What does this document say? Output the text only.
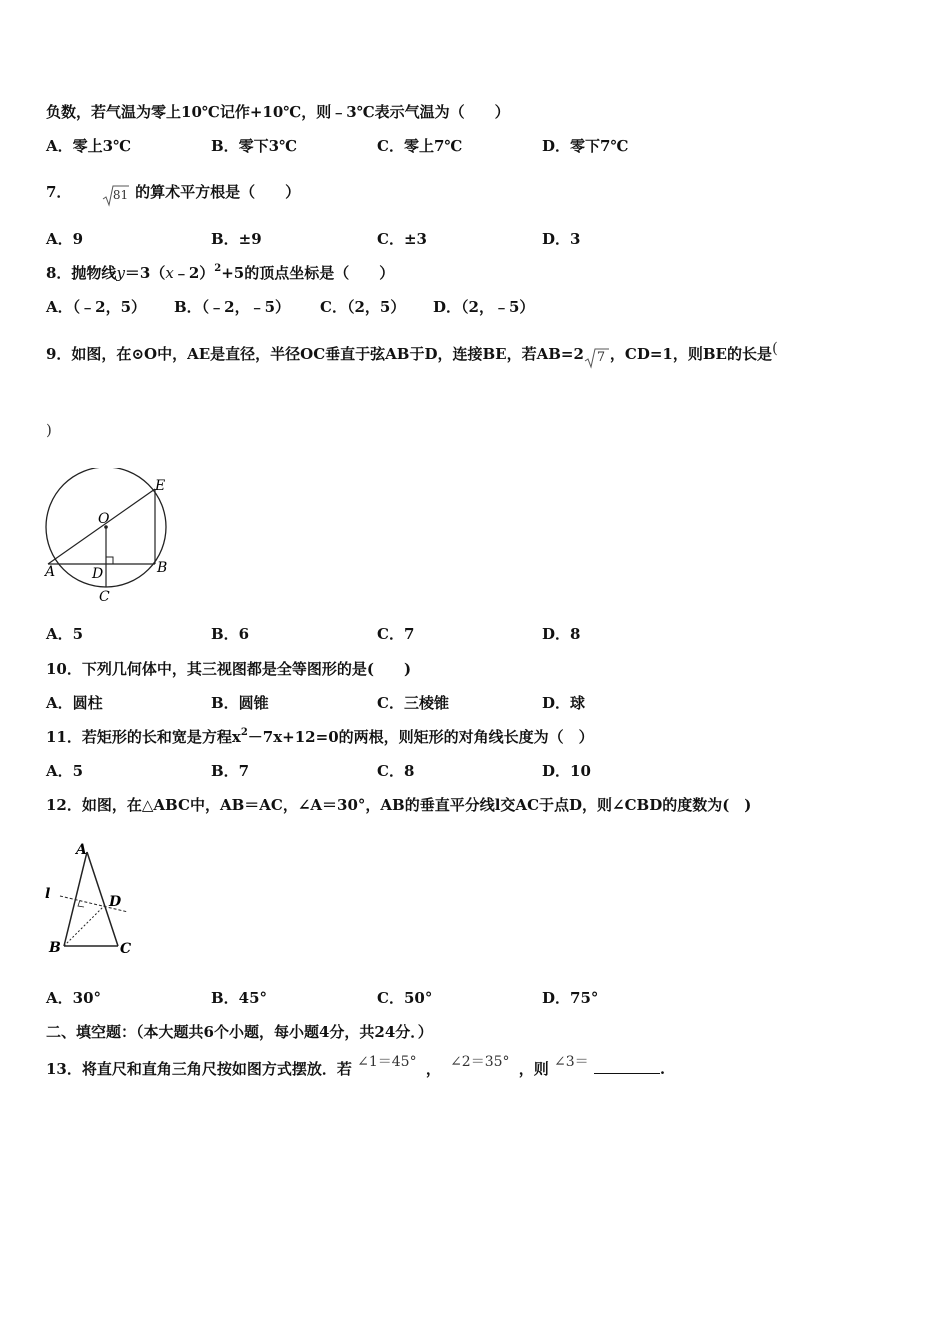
负数，若气温为零上10℃记作+10℃，则﹣3℃表示气温为（　　）
A．零上3℃	B．零下3℃	C．零上7℃	D．零下7℃
7．	81 的算术平方根是（　　）
A．9	B．±9	C．±3	D．3
8．抛物线y＝3（x﹣2）$^2$+5的顶点坐标是（　　）
A．（﹣2，5） B．（﹣2，﹣5） C．（2，5） D．（2，﹣5）
9．如图，在⊙O中，AE是直径，半径OC垂直于弦AB于D，连接BE，若AB=2 7 ，CD=1，则BE的长是(
)
O
E
A	D	B
C
A．5	B．6	C．7	D．8
10．下列几何体中，其三视图都是全等图形的是(　　)
A．圆柱	B．圆锥	C．三棱锥	D．球
11．若矩形的长和宽是方程$x^2-7x+12=0$的两根，则矩形的对角线长度为（　）
A．5	B．7	C．8	D．10
12．如图，在△ABC中，AB＝AC，∠A＝30°，AB的垂直平分线l交AC于点D，则∠CBD的度数为(　)
A
l	D
B	C
A．30°	B．45°	C．50°	D．75°
二、填空题：（本大题共6个小题，每小题4分，共24分．）
13．将直尺和直角三角尺按如图方式摆放．若 ∠1＝45° ， ∠2＝35° ，则 ∠3＝	.
